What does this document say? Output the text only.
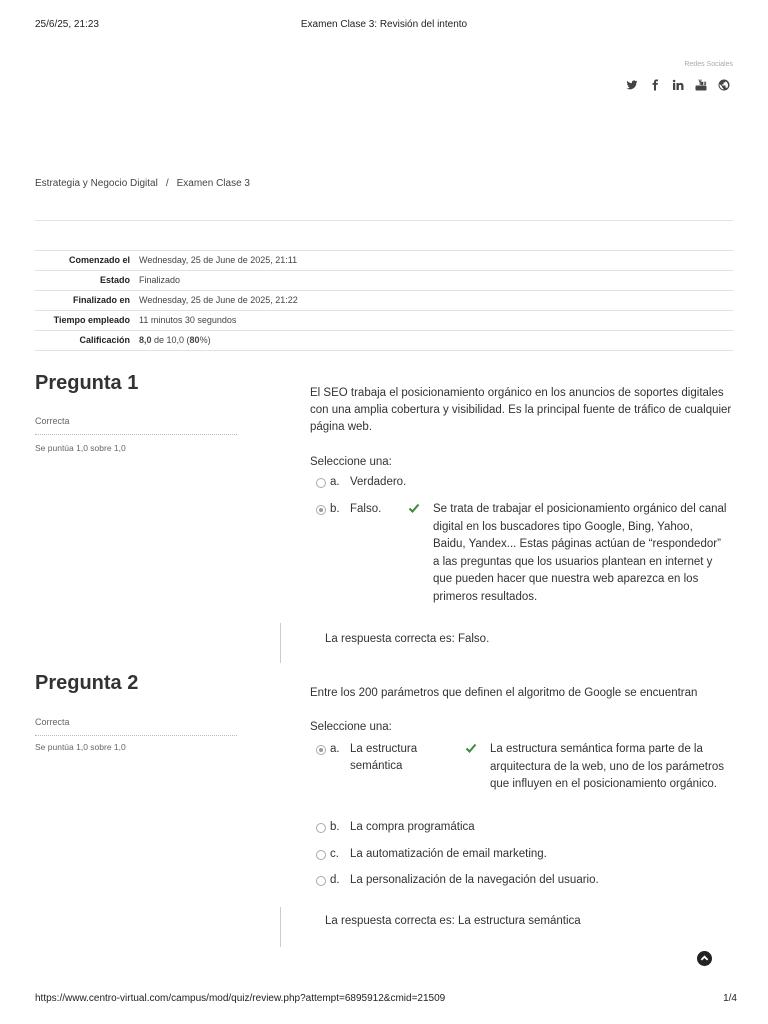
25/6/25, 21:23	Examen Clase 3: Revisión del intento
Redes Sociales
Estrategia y Negocio Digital / Examen Clase 3
Comenzado el	Wednesday, 25 de June de 2025, 21:11
Estado	Finalizado
Finalizado en	Wednesday, 25 de June de 2025, 21:22
Tiempo empleado	11 minutos 30 segundos
Calificación	8,0 de 10,0 (80%)
Pregunta 1
Correcta
Se puntúa 1,0 sobre 1,0
El SEO trabaja el posicionamiento orgánico en los anuncios de soportes digitales con una amplia cobertura y visibilidad. Es la principal fuente de tráfico de cualquier página web.
Seleccione una:
a. Verdadero.
b. Falso.	Se trata de trabajar el posicionamiento orgánico del canal digital en los buscadores tipo Google, Bing, Yahoo, Baidu, Yandex... Estas páginas actúan de “respondedor” a las preguntas que los usuarios plantean en internet y que pueden hacer que nuestra web aparezca en los primeros resultados.
La respuesta correcta es: Falso.
Pregunta 2
Correcta
Se puntúa 1,0 sobre 1,0
Entre los 200 parámetros que definen el algoritmo de Google se encuentran
Seleccione una:
a. La estructura semántica
La estructura semántica forma parte de la arquitectura de la web, uno de los parámetros que influyen en el posicionamiento orgánico.
b. La compra programática
c. La automatización de email marketing.
d. La personalización de la navegación del usuario.
La respuesta correcta es: La estructura semántica
https://www.centro-virtual.com/campus/mod/quiz/review.php?attempt=6895912&cmid=21509	1/4
